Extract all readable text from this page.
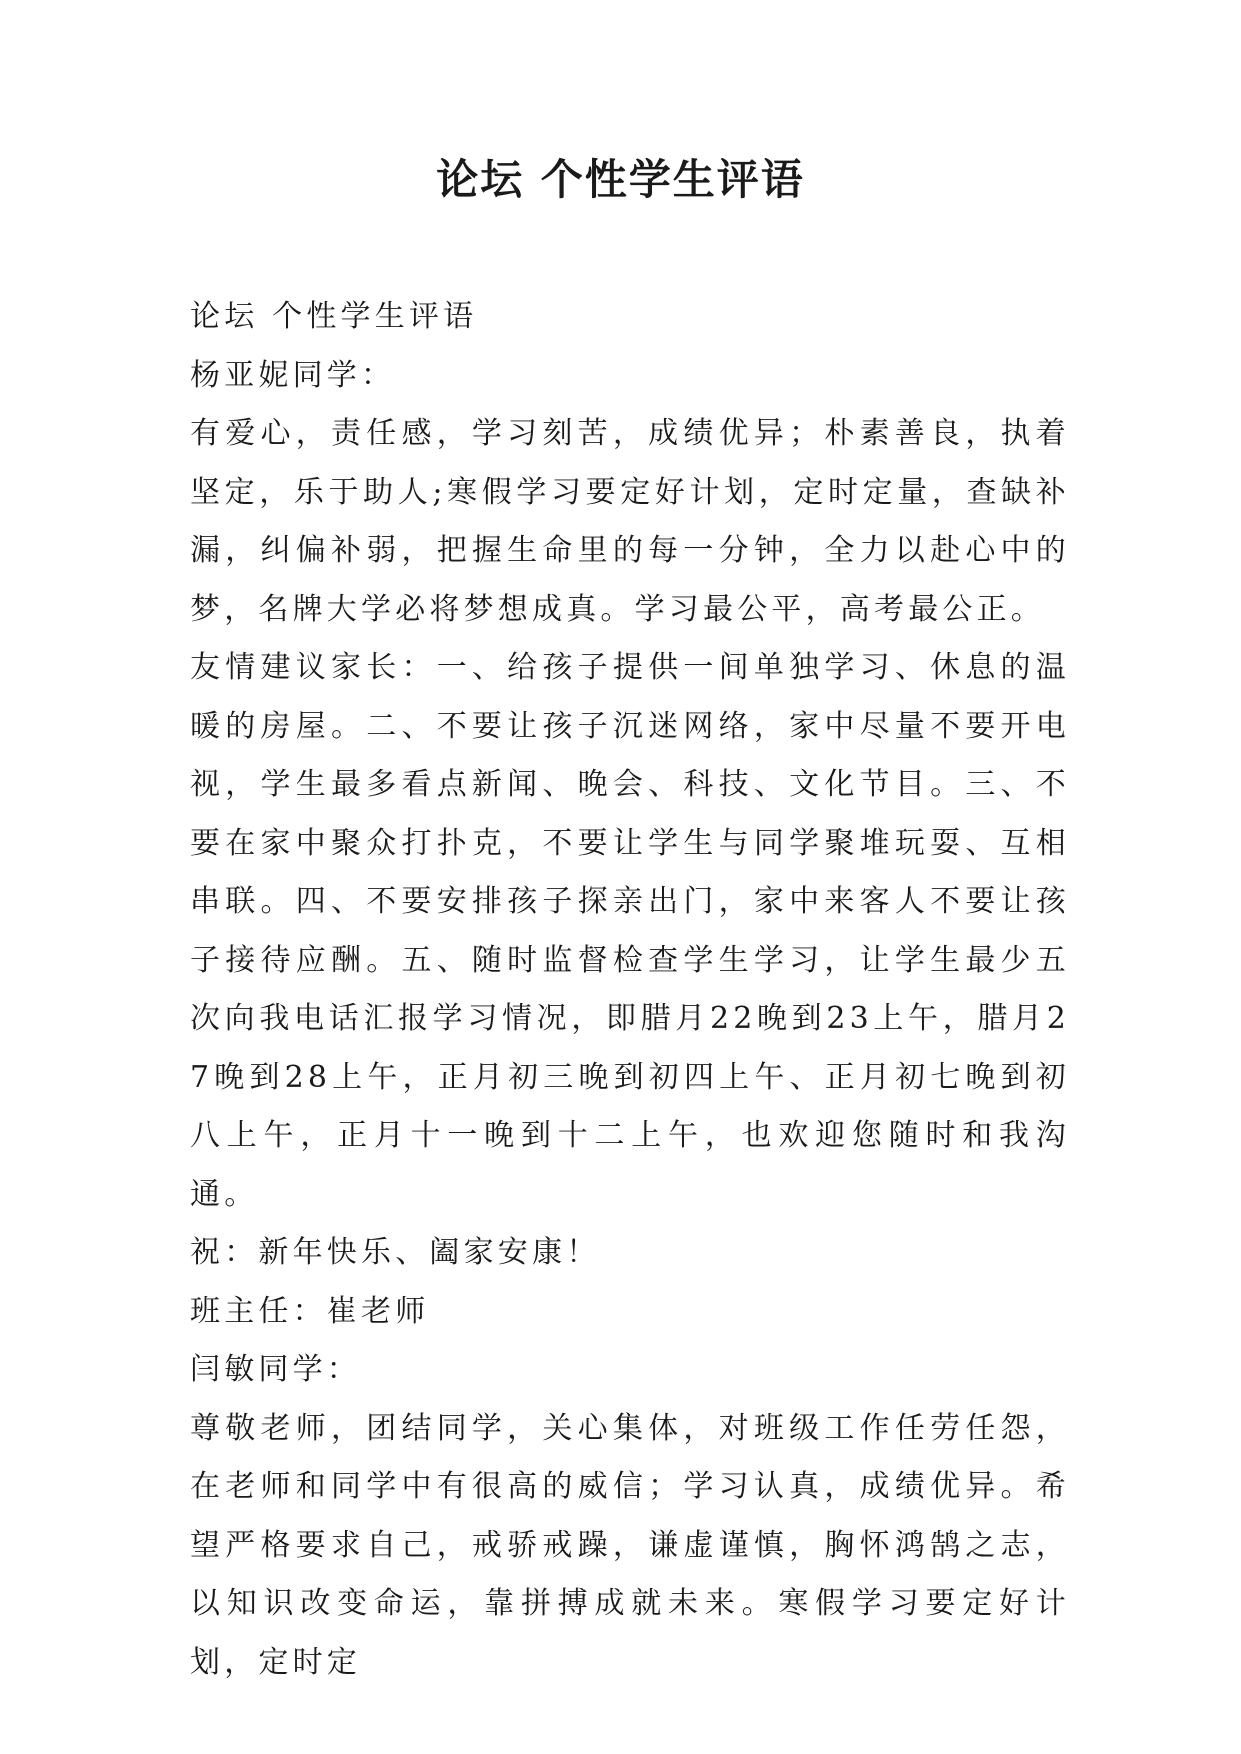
论坛 个性学生评语

论坛 个性学生评语

杨亚妮同学：

有爱心，责任感，学习刻苦，成绩优异；朴素善良，执着坚定，乐于助人;寒假学习要定好计划，定时定量，查缺补漏，纠偏补弱，把握生命里的每一分钟，全力以赴心中的梦，名牌大学必将梦想成真。学习最公平，高考最公正。

友情建议家长：一、给孩子提供一间单独学习、休息的温暖的房屋。二、不要让孩子沉迷网络，家中尽量不要开电视，学生最多看点新闻、晚会、科技、文化节目。三、不要在家中聚众打扑克，不要让学生与同学聚堆玩耍、互相串联。四、不要安排孩子探亲出门，家中来客人不要让孩子接待应酬。五、随时监督检查学生学习，让学生最少五次向我电话汇报学习情况，即腊月22晚到23上午，腊月27晚到28上午，正月初三晚到初四上午、正月初七晚到初八上午，正月十一晚到十二上午，也欢迎您随时和我沟通。

祝：新年快乐、阖家安康！

班主任：崔老师

闫敏同学：

尊敬老师，团结同学，关心集体，对班级工作任劳任怨，在老师和同学中有很高的威信；学习认真，成绩优异。希望严格要求自己，戒骄戒躁，谦虚谨慎，胸怀鸿鹄之志，以知识改变命运，靠拼搏成就未来。寒假学习要定好计划，定时定
